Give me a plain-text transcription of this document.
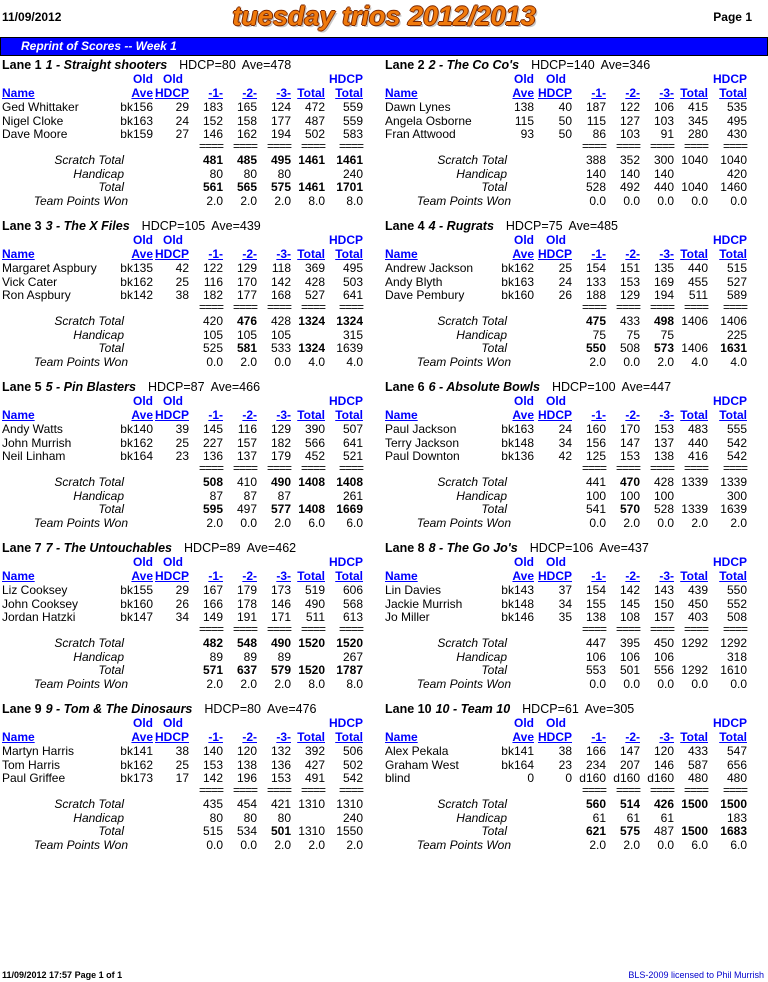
11/09/2012	tuesday trios 2012/2013	Page 1
Reprint of Scores -- Week 1
Lane 1 1 - Straight shooters HDCP=80 Ave=478
Old Old	HDCP
Name	Ave HDCP -1- -2- -3- Total Total
Ged Whittaker	bk156 29 183 165 124 472 559
Nigel Cloke	bk163 24 152 158 177 487 559
Dave Moore	bk159 27 146 162 194 502 583
==== ==== ==== ==== ====
Scratch Total	481 485 495 1461 1461
Handicap	80 80 80	240
Total	561 565 575 1461 1701
Team Points Won	2.0 2.0 2.0 8.0 8.0
Lane 2 2 - The Co Co's HDCP=140 Ave=346
Old Old	HDCP
Name	Ave HDCP -1- -2- -3- Total Total
Dawn Lynes	138 40 187 122 106 415 535
Angela Osborne	115 50 115 127 103 345 495
Fran Attwood	93 50 86 103 91 280 430
==== ==== ==== ==== ====
Scratch Total	388 352 300 1040 1040
Handicap	140 140 140	420
Total	528 492 440 1040 1460
Team Points Won	0.0 0.0 0.0 0.0 0.0
Lane 3 3 - The X Files HDCP=105 Ave=439
Old Old	HDCP
Name	Ave HDCP -1- -2- -3- Total Total
Margaret Aspbury bk135 42 122 129 118 369 495
Vick Cater	bk162 25 116 170 142 428 503
Ron Aspbury	bk142 38 182 177 168 527 641
==== ==== ==== ==== ====
Scratch Total	420 476 428 1324 1324
Handicap	105 105 105	315
Total	525 581 533 1324 1639
Team Points Won	0.0 2.0 0.0 4.0 4.0
Lane 4 4 - Rugrats HDCP=75 Ave=485
Old Old	HDCP
Name	Ave HDCP -1- -2- -3- Total Total
Andrew Jackson bk162 25 154 151 135 440 515
Andy Blyth	bk163 24 133 153 169 455 527
Dave Pembury	bk160 26 188 129 194 511 589
==== ==== ==== ==== ====
Scratch Total	475 433 498 1406 1406
Handicap	75 75 75	225
Total	550 508 573 1406 1631
Team Points Won	2.0 0.0 2.0 4.0 4.0
Lane 5 5 - Pin Blasters HDCP=87 Ave=466
Old Old	HDCP
Name	Ave HDCP -1- -2- -3- Total Total
Andy Watts	bk140 39 145 116 129 390 507
John Murrish	bk162 25 227 157 182 566 641
Neil Linham	bk164 23 136 137 179 452 521
==== ==== ==== ==== ====
Scratch Total	508 410 490 1408 1408
Handicap	87 87 87	261
Total	595 497 577 1408 1669
Team Points Won	2.0 0.0 2.0 6.0 6.0
Lane 6 6 - Absolute Bowls HDCP=100 Ave=447
Old Old	HDCP
Name	Ave HDCP -1- -2- -3- Total Total
Paul Jackson	bk163 24 160 170 153 483 555
Terry Jackson	bk148 34 156 147 137 440 542
Paul Downton	bk136 42 125 153 138 416 542
==== ==== ==== ==== ====
Scratch Total	441 470 428 1339 1339
Handicap	100 100 100	300
Total	541 570 528 1339 1639
Team Points Won	0.0 2.0 0.0 2.0 2.0
Lane 7 7 - The Untouchables HDCP=89 Ave=462
Old Old	HDCP
Name	Ave HDCP -1- -2- -3- Total Total
Liz Cooksey	bk155 29 167 179 173 519 606
John Cooksey	bk160 26 166 178 146 490 568
Jordan Hatzki	bk147 34 149 191 171 511 613
==== ==== ==== ==== ====
Scratch Total	482 548 490 1520 1520
Handicap	89 89 89	267
Total	571 637 579 1520 1787
Team Points Won	2.0 2.0 2.0 8.0 8.0
Lane 8 8 - The Go Jo's HDCP=106 Ave=437
Old Old	HDCP
Name	Ave HDCP -1- -2- -3- Total Total
Lin Davies	bk143 37 154 142 143 439 550
Jackie Murrish	bk148 34 155 145 150 450 552
Jo Miller	bk146 35 138 108 157 403 508
==== ==== ==== ==== ====
Scratch Total	447 395 450 1292 1292
Handicap	106 106 106	318
Total	553 501 556 1292 1610
Team Points Won	0.0 0.0 0.0 0.0 0.0
Lane 9 9 - Tom & The Dinosaurs HDCP=80 Ave=476
Old Old	HDCP
Name	Ave HDCP -1- -2- -3- Total Total
Martyn Harris	bk141 38 140 120 132 392 506
Tom Harris	bk162 25 153 138 136 427 502
Paul Griffee	bk173 17 142 196 153 491 542
==== ==== ==== ==== ====
Scratch Total	435 454 421 1310 1310
Handicap	80 80 80	240
Total	515 534 501 1310 1550
Team Points Won	0.0 0.0 2.0 2.0 2.0
Lane 10 10 - Team 10 HDCP=61 Ave=305
Old Old	HDCP
Name	Ave HDCP -1- -2- -3- Total Total
Alex Pekala	bk141 38 166 147 120 433 547
Graham West	bk164 23 234 207 146 587 656
blind	0	0 d160 d160 d160 480 480
==== ==== ==== ==== ====
Scratch Total	560 514 426 1500 1500
Handicap	61 61 61	183
Total	621 575 487 1500 1683
Team Points Won	2.0 2.0 0.0 6.0 6.0
11/09/2012 17:57 Page 1 of 1	BLS-2009 licensed to Phil Murrish
